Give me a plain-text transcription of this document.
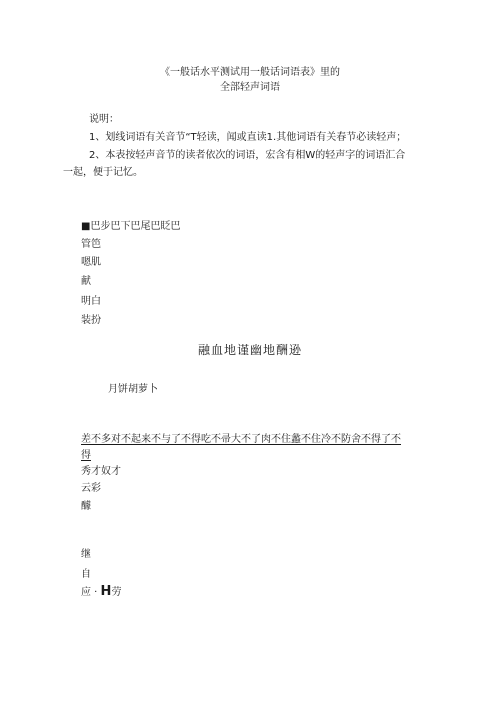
《一般话水平测试用一般话词语表》里的
全部轻声词语
说明：
1、划线词语有关音节“T轻读，闻或直读1.其他词语有关春节必读轻声；
2、本表按轻声音节的读者依次的词语，宏含有相W的轻声字的词语汇合
一起，便于记忆。
■巴步巴下巴尾巴眨巴
管笆
嗯肌
献
明白
装扮
融血地谨幽地酬逊
月饼胡萝卜
差不多对不起来不与了不得吃不帚大不了肉不住蠡不住冷不防舍不得了不
得
秀才奴才
云彩
醵
继
自
应 · H劳
